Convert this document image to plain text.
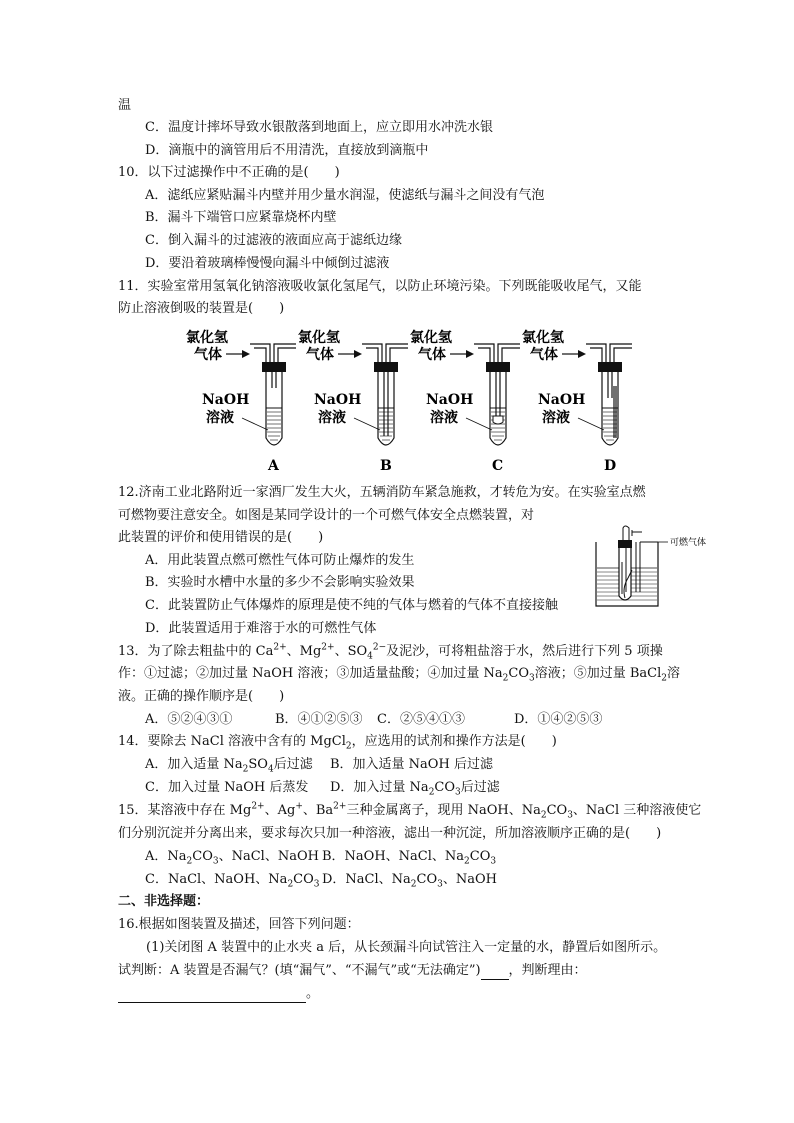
温
C．温度计摔坏导致水银散落到地面上，应立即用水冲洗水银
D．滴瓶中的滴管用后不用清洗，直接放到滴瓶中
10．以下过滤操作中不正确的是(　　)
A．滤纸应紧贴漏斗内壁并用少量水润湿，使滤纸与漏斗之间没有气泡
B．漏斗下端管口应紧靠烧杯内壁
C．倒入漏斗的过滤液的液面应高于滤纸边缘
D．要沿着玻璃棒慢慢向漏斗中倾倒过滤液
11．实验室常用氢氧化钠溶液吸收氯化氢尾气，以防止环境污染。下列既能吸收尾气，又能
防止溶液倒吸的装置是(　　)
氯化氢
气体
NaOH
溶液
A
氯化氢
气体
NaOH
溶液
B
氯化氢
气体
NaOH
溶液
C
氯化氢
气体
NaOH
溶液
D
12.济南工业北路附近一家酒厂发生大火，五辆消防车紧急施救，才转危为安。在实验室点燃
可燃物要注意安全。如图是某同学设计的一个可燃气体安全点燃装置，对
此装置的评价和使用错误的是(　　)	可燃气体
A．用此装置点燃可燃性气体可防止爆炸的发生
B．实验时水槽中水量的多少不会影响实验效果
C．此装置防止气体爆炸的原理是使不纯的气体与燃着的气体不直接接触
D．此装置适用于难溶于水的可燃性气体
13．为了除去粗盐中的 $Ca^{2+}$、$Mg^{2+}$、$SO_4^{2-}$及泥沙，可将粗盐溶于水，然后进行下列 5 项操
作：①过滤；②加过量 NaOH 溶液；③加适量盐酸；④加过量 $Na_2CO_3$溶液；⑤加过量 BaCl$_2$溶
液。正确的操作顺序是(　　)
A．⑤②④③①	B．④①②⑤③ C．②⑤④①③	D．①④②⑤③
14．要除去 NaCl 溶液中含有的 MgCl$_2$，应选用的试剂和操作方法是(　　)
A．加入适量 $Na_2SO_4$后过滤 B．加入适量 NaOH 后过滤
C．加入过量 NaOH 后蒸发 D．加入过量 $Na_2CO_3$后过滤
15．某溶液中存在 $Mg^{2+}$、Ag+、$Ba^{2+}$三种金属离子，现用 NaOH、$Na_2CO_3$、NaCl 三种溶液使它
们分别沉淀并分离出来，要求每次只加一种溶液，滤出一种沉淀，所加溶液顺序正确的是(　　)
A．$Na_2CO_3$、NaCl、NaOH B．NaOH、NaCl、$Na_2CO_3$
C．NaCl、NaOH、$Na_2CO_3$ D．NaCl、$Na_2CO_3$、NaOH
二、非选择题：
16.根据如图装置及描述，回答下列问题：
(1)关闭图 A 装置中的止水夹 a 后，从长颈漏斗向试管注入一定量的水，静置后如图所示。
试判断：A 装置是否漏气？(填“漏气”、“不漏气”或“无法确定”) ，判断理由：
。
